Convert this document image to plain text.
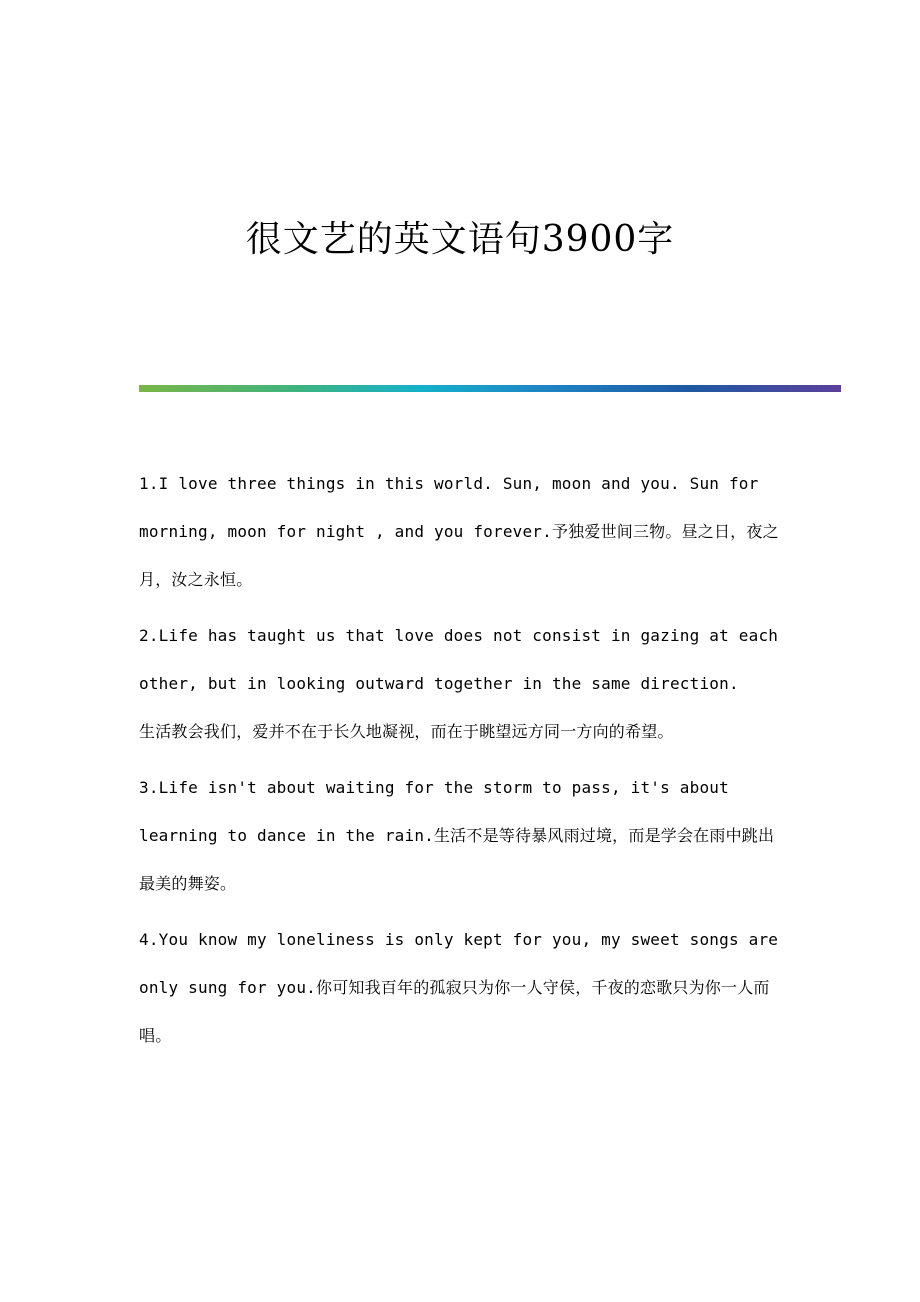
很文艺的英文语句3900字

1.I love three things in this world. Sun, moon and you. Sun for morning, moon for night , and you forever.予独爱世间三物。昼之日，夜之月，汝之永恒。

2.Life has taught us that love does not consist in gazing at each other, but in looking outward together in the same direction.

生活教会我们，爱并不在于长久地凝视，而在于眺望远方同一方向的希望。

3.Life isn't about waiting for the storm to pass, it's about learning to dance in the rain.生活不是等待暴风雨过境，而是学会在雨中跳出最美的舞姿。

4.You know my loneliness is only kept for you, my sweet songs are only sung for you.你可知我百年的孤寂只为你一人守侯，千夜的恋歌只为你一人而唱。
